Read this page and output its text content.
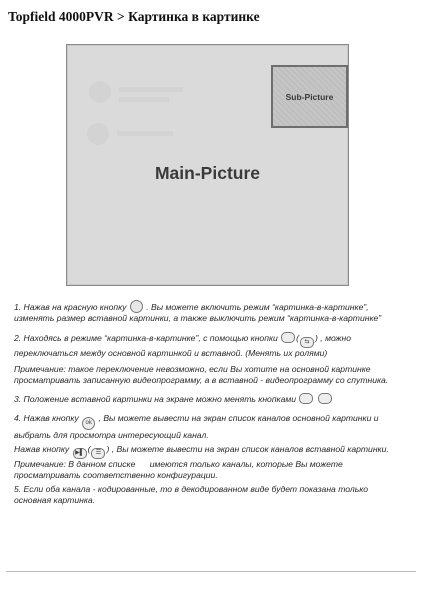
Topfield 4000PVR > Картинка в картинке
Sub-Picture
Main-Picture

1. Нажав на красную кнопку . Вы можете включить режим “картинка-в-картинке”,

изменять размер вставной картинки, а также выключить режим “картинка-в-картинке”

2. Находясь в режиме “картинка-в-картинке”, с помощью кнопки ( ⇆ ) , можно

переключаться между основной картинкой и вставной. (Менять их ролями)

Примечание: такое переключение невозможно, если Вы хотите на основной картинке

просматривать записанную видеопрограмму, а в вставной - видеопрограмму со спутника.

3. Положение вставной картинки на экране можно менять кнопками

4. Нажав кнопку	ok , Вы можете вывести на экран список каналов основной картинки и

выбрать для просмотра интересующий канал.

Нажав кнопку ▶▌ ( ☰ ) , Вы можете вывести на экран список каналов вставной картинки.

Примечание: В данном списке имеются только каналы, которые Вы можете

просматривать соответственно конфигурации.

5. Если оба канала - кодированные, то в декодированном виде будет показана только

основная картинка.
